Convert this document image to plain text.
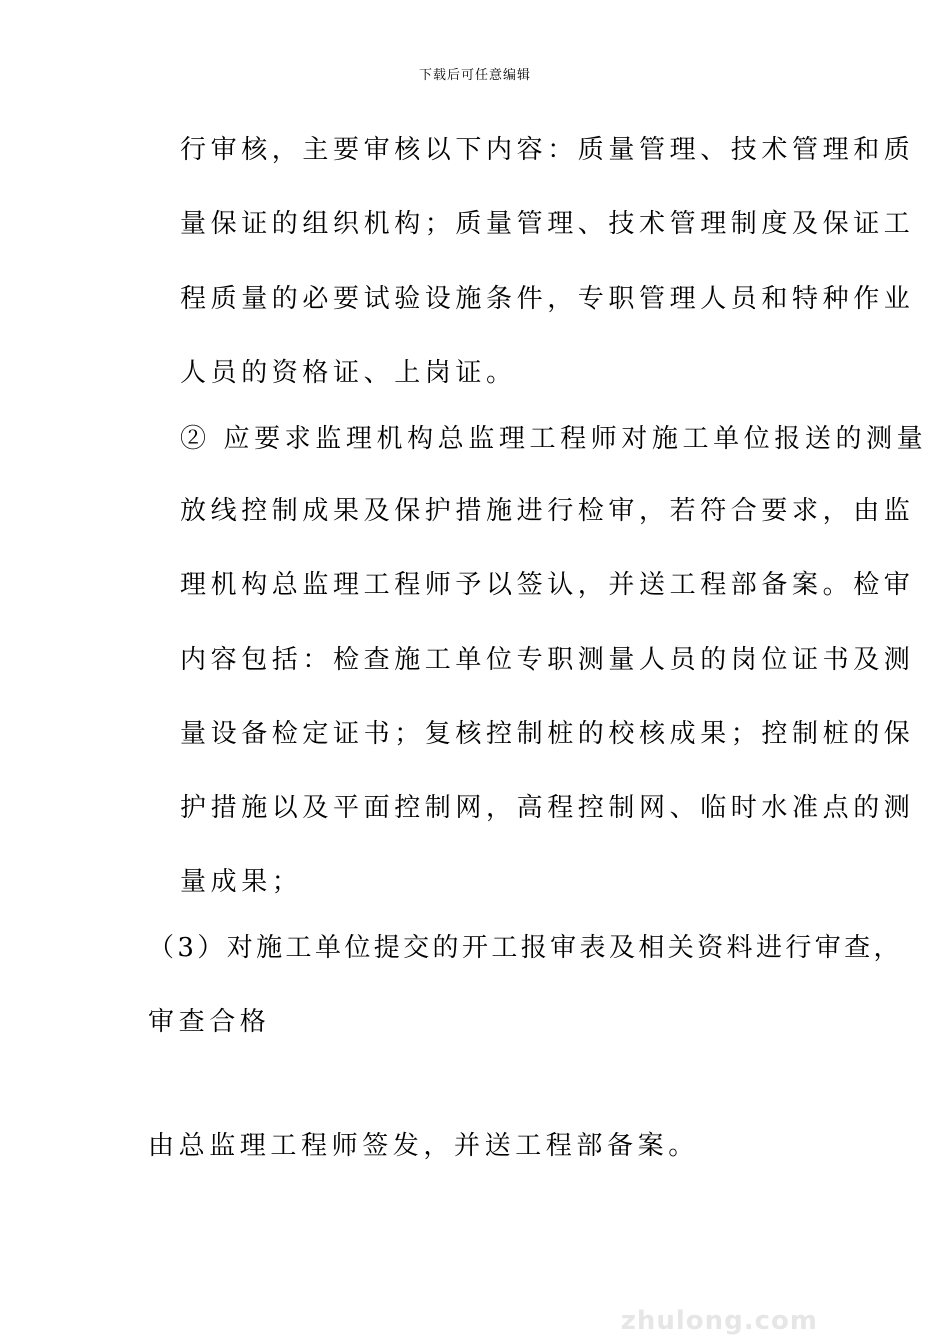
下载后可任意编辑
行审核，主要审核以下内容：质量管理、技术管理和质
量保证的组织机构；质量管理、技术管理制度及保证工
程质量的必要试验设施条件，专职管理人员和特种作业
人员的资格证、上岗证。
② 应要求监理机构总监理工程师对施工单位报送的测量
放线控制成果及保护措施进行检审，若符合要求，由监
理机构总监理工程师予以签认，并送工程部备案。检审
内容包括：检查施工单位专职测量人员的岗位证书及测
量设备检定证书；复核控制桩的校核成果；控制桩的保
护措施以及平面控制网，高程控制网、临时水准点的测
量成果；
（3）对施工单位提交的开工报审表及相关资料进行审查，
审查合格
由总监理工程师签发，并送工程部备案。
zhulong.com
